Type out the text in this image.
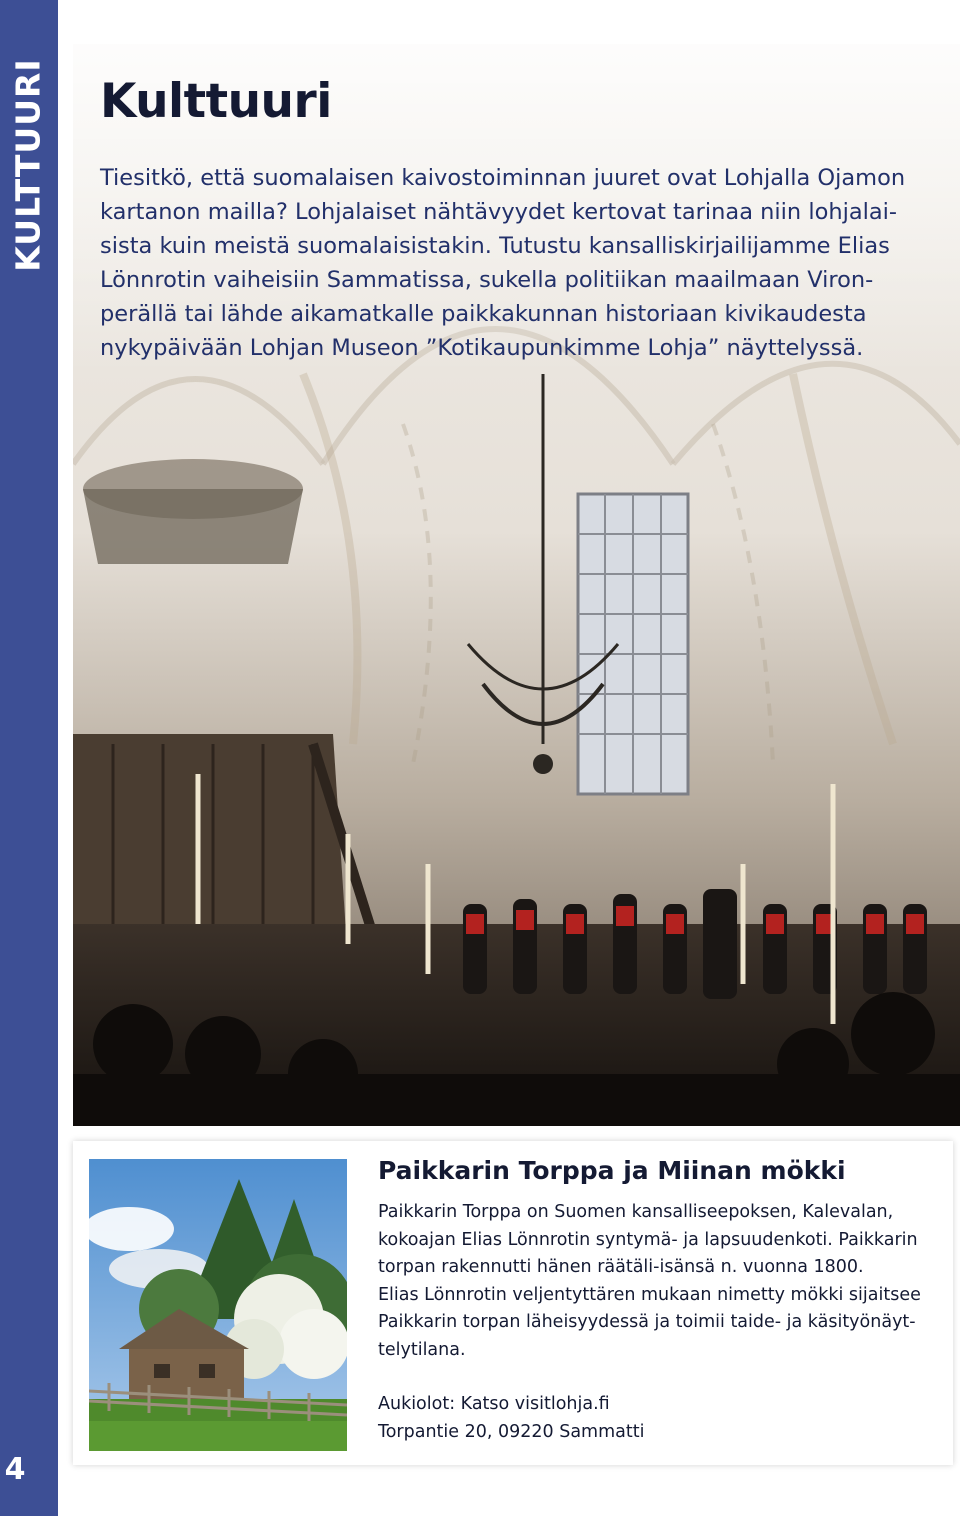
KULTTUURI
4
Kulttuuri

Tiesitkö, että suomalaisen kaivostoiminnan juuret ovat Lohjalla Ojamon
kartanon mailla? Lohjalaiset nähtävyydet kertovat tarinaa niin lohjalai-
sista kuin meistä suomalaisistakin. Tutustu kansalliskirjailijamme Elias
Lönnrotin vaiheisiin Sammatissa, sukella politiikan maailmaan Viron-
perällä tai lähde aikamatkalle paikkakunnan historiaan kivikaudesta
nykypäivään Lohjan Museon ”Kotikaupunkimme Lohja” näyttelyssä.

Paikkarin Torppa ja Miinan mökki

Paikkarin Torppa on Suomen kansalliseepoksen, Kalevalan,
kokoajan Elias Lönnrotin syntymä- ja lapsuudenkoti. Paikkarin
torpan rakennutti hänen räätäli-isänsä n. vuonna 1800.
Elias Lönnrotin veljentyttären mukaan nimetty mökki sijaitsee
Paikkarin torpan läheisyydessä ja toimii taide- ja käsityönäyt-
telytilana.

Aukiolot: Katso visitlohja.fi
Torpantie 20, 09220 Sammatti
